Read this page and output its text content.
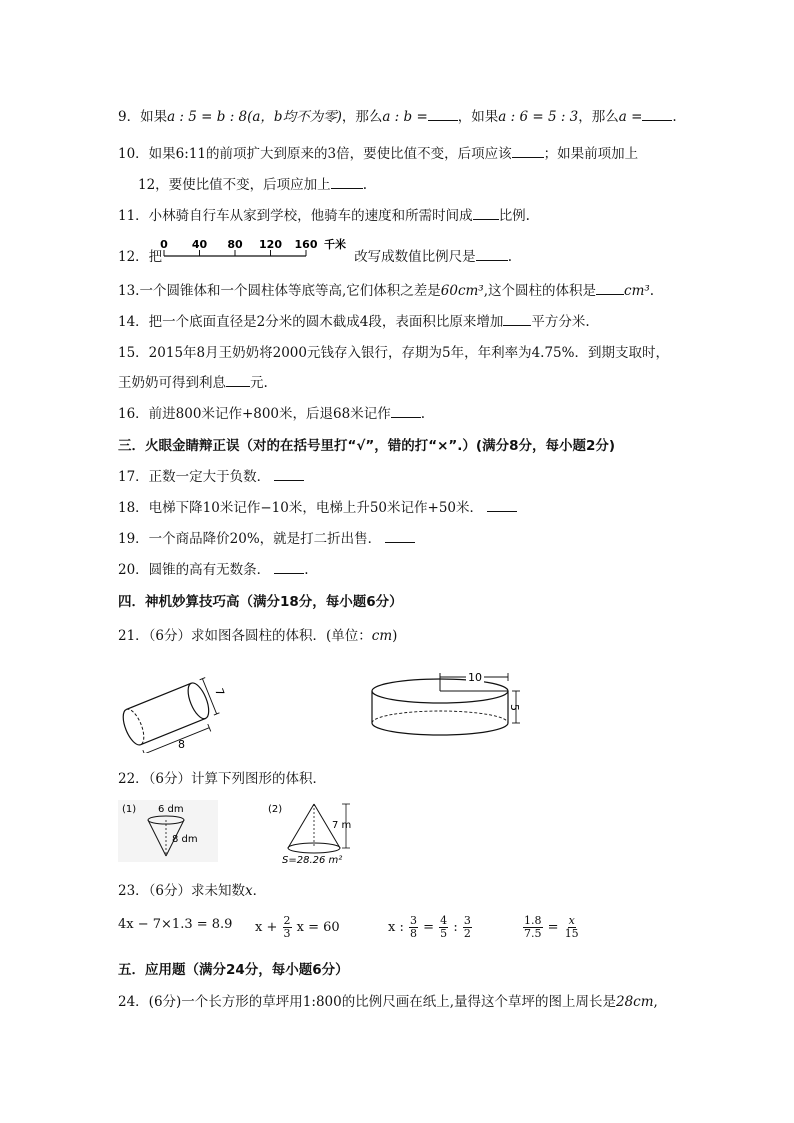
9．如果a : 5 = b : 8(a，b均不为零)，那么a : b = ，如果a : 6 = 5 : 3，那么a = .
10．如果6:11的前项扩大到原来的3倍，要使比值不变，后项应该 ；如果前项加上
12，要使比值不变，后项应加上 .
11．小林骑自行车从家到学校，他骑车的速度和所需时间成 比例.
12．把	改写成数值比例尺是 .
0 40 80 120 160 千米
13.一个圆锥体和一个圆柱体等底等高,它们体积之差是60cm³,这个圆柱的体积是 cm³.
14．把一个底面直径是2分米的圆木截成4段，表面积比原来增加 平方分米.
15．2015年8月王奶奶将2000元钱存入银行，存期为5年，年利率为4.75%．到期支取时，
王奶奶可得到利息 元.
16．前进800米记作+800米，后退68米记作 .
三．火眼金睛辩正误（对的在括号里打“√”，错的打“×”.）(满分8分，每小题2分)
17．正数一定大于负数．
18．电梯下降10米记作−10米，电梯上升50米记作+50米．
19．一个商品降价20%，就是打二折出售．
20．圆锥的高有无数条．	.
四．神机妙算技巧高（满分18分，每小题6分）
21．（6分）求如图各圆柱的体积．(单位：cm)
8
7
10
5
22．（6分）计算下列图形的体积．
(1) 6 dm
8 dm
(2)
7 m
S=28.26 m²
23．（6分）求未知数x．
4x − 7×1.3 = 8.9 $x + \frac{2}{3}$ x = 60	x : $\frac{3}{8} = \frac{4}{5}$ : $\frac{3}{2}$	$\frac{1.8}{7.5} = \frac{x}{15}$
五．应用题（满分24分，每小题6分）
24．(6分)一个长方形的草坪用1:800的比例尺画在纸上,量得这个草坪的图上周长是28cm,
